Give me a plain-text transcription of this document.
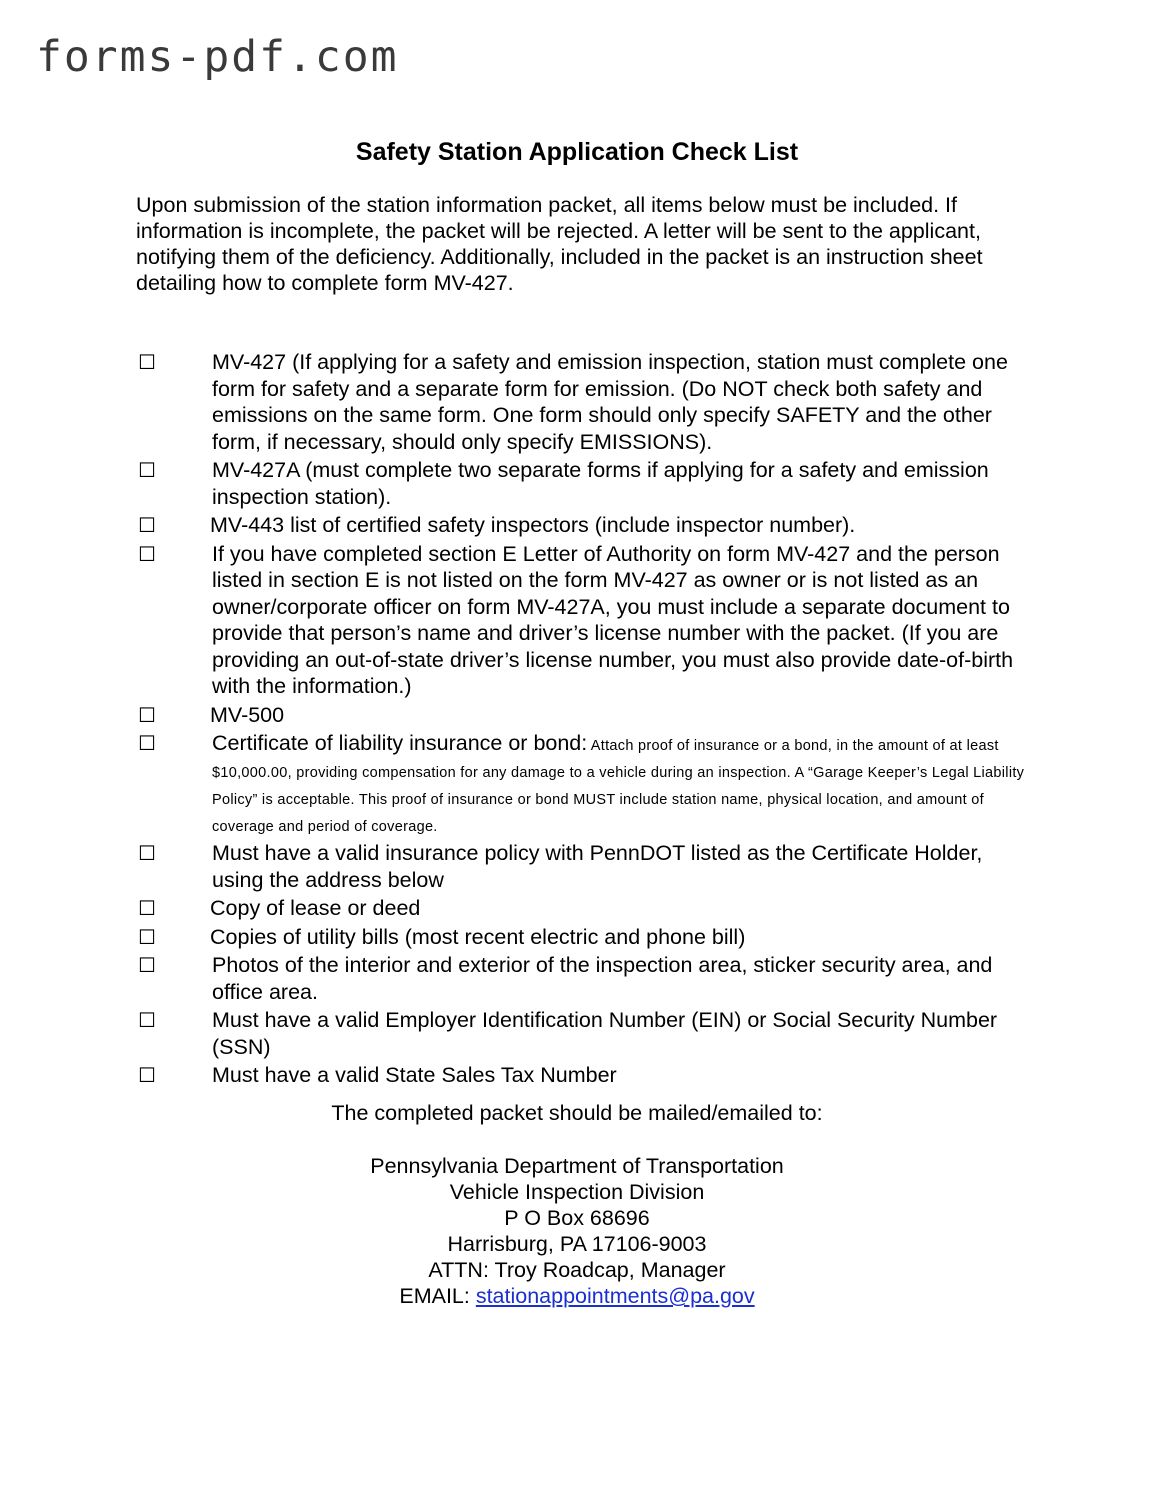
forms-pdf.com
Safety Station Application Check List
Upon submission of the station information packet, all items below must be included. If information is incomplete, the packet will be rejected. A letter will be sent to the applicant, notifying them of the deficiency. Additionally, included in the packet is an instruction sheet detailing how to complete form MV-427.
☐	MV-427 (If applying for a safety and emission inspection, station must complete one form for safety and a separate form for emission. (Do NOT check both safety and emissions on the same form. One form should only specify SAFETY and the other form, if necessary, should only specify EMISSIONS).
☐	MV-427A (must complete two separate forms if applying for a safety and emission inspection station).
☐	MV-443 list of certified safety inspectors (include inspector number).
☐	If you have completed section E Letter of Authority on form MV-427 and the person listed in section E is not listed on the form MV-427 as owner or is not listed as an owner/corporate officer on form MV-427A, you must include a separate document to provide that person’s name and driver’s license number with the packet. (If you are providing an out-of-state driver’s license number, you must also provide date-of-birth with the information.)
☐	MV-500
☐	Certificate of liability insurance or bond: Attach proof of insurance or a bond, in the amount of at least $10,000.00, providing compensation for any damage to a vehicle during an inspection. A “Garage Keeper’s Legal Liability Policy” is acceptable. This proof of insurance or bond MUST include station name, physical location, and amount of coverage and period of coverage.
☐	Must have a valid insurance policy with PennDOT listed as the Certificate Holder, using the address below
☐	Copy of lease or deed
☐	Copies of utility bills (most recent electric and phone bill)
☐	Photos of the interior and exterior of the inspection area, sticker security area, and office area.
☐	Must have a valid Employer Identification Number (EIN) or Social Security Number (SSN)
☐	Must have a valid State Sales Tax Number
The completed packet should be mailed/emailed to:
Pennsylvania Department of Transportation
Vehicle Inspection Division
P O Box 68696
Harrisburg, PA 17106-9003
ATTN: Troy Roadcap, Manager
EMAIL: stationappointments@pa.gov
